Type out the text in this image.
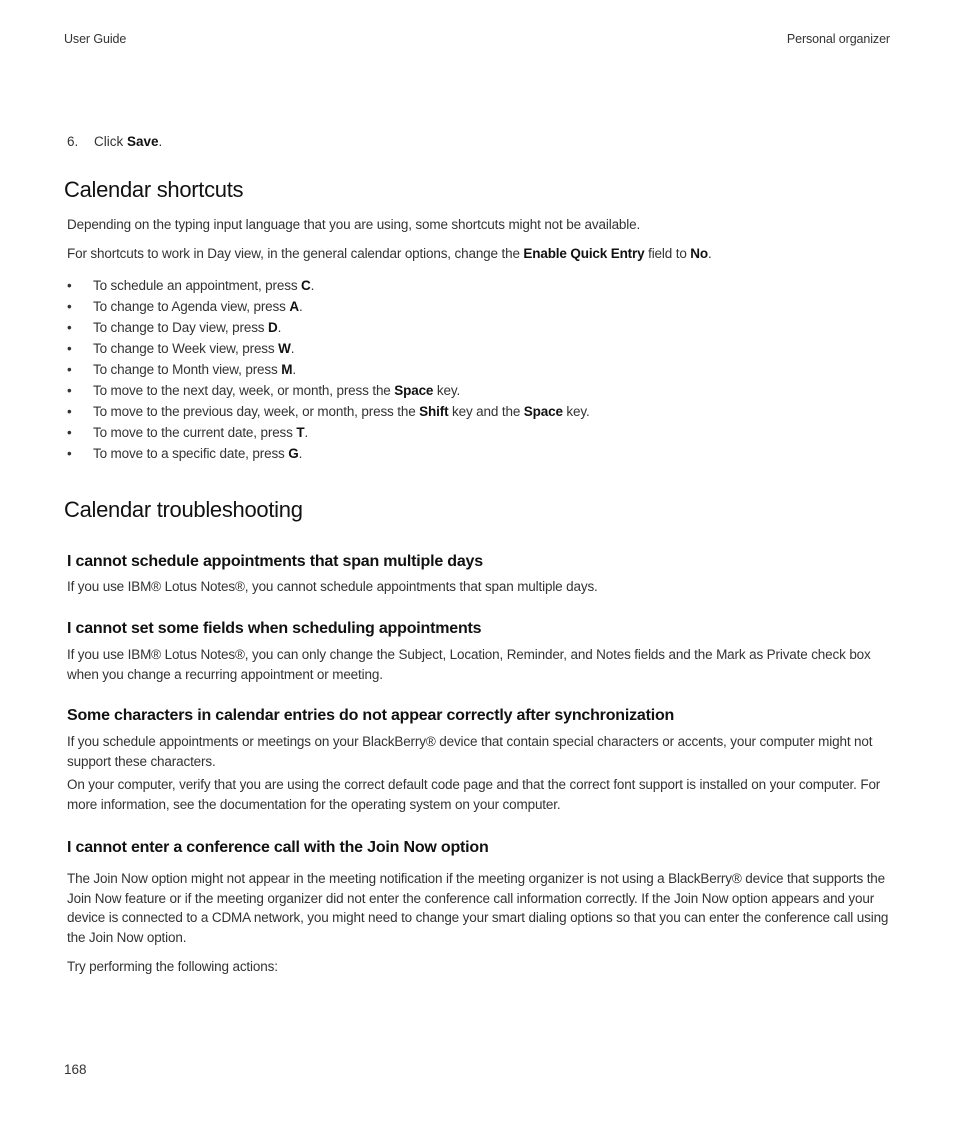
User Guide	Personal organizer
6. Click Save.
Calendar shortcuts

Depending on the typing input language that you are using, some shortcuts might not be available.

For shortcuts to work in Day view, in the general calendar options, change the Enable Quick Entry field to No.

• To schedule an appointment, press C.
• To change to Agenda view, press A.
• To change to Day view, press D.
• To change to Week view, press W.
• To change to Month view, press M.
• To move to the next day, week, or month, press the Space key.
• To move to the previous day, week, or month, press the Shift key and the Space key.
• To move to the current date, press T.
• To move to a specific date, press G.
Calendar troubleshooting
I cannot schedule appointments that span multiple days

If you use IBM® Lotus Notes®, you cannot schedule appointments that span multiple days.

I cannot set some fields when scheduling appointments

If you use IBM® Lotus Notes®, you can only change the Subject, Location, Reminder, and Notes fields and the Mark as Private check box when you change a recurring appointment or meeting.

Some characters in calendar entries do not appear correctly after synchronization

If you schedule appointments or meetings on your BlackBerry® device that contain special characters or accents, your computer might not support these characters.

On your computer, verify that you are using the correct default code page and that the correct font support is installed on your computer. For more information, see the documentation for the operating system on your computer.

I cannot enter a conference call with the Join Now option

The Join Now option might not appear in the meeting notification if the meeting organizer is not using a BlackBerry® device that supports the Join Now feature or if the meeting organizer did not enter the conference call information correctly. If the Join Now option appears and your device is connected to a CDMA network, you might need to change your smart dialing options so that you can enter the conference call using the Join Now option.

Try performing the following actions:

168
